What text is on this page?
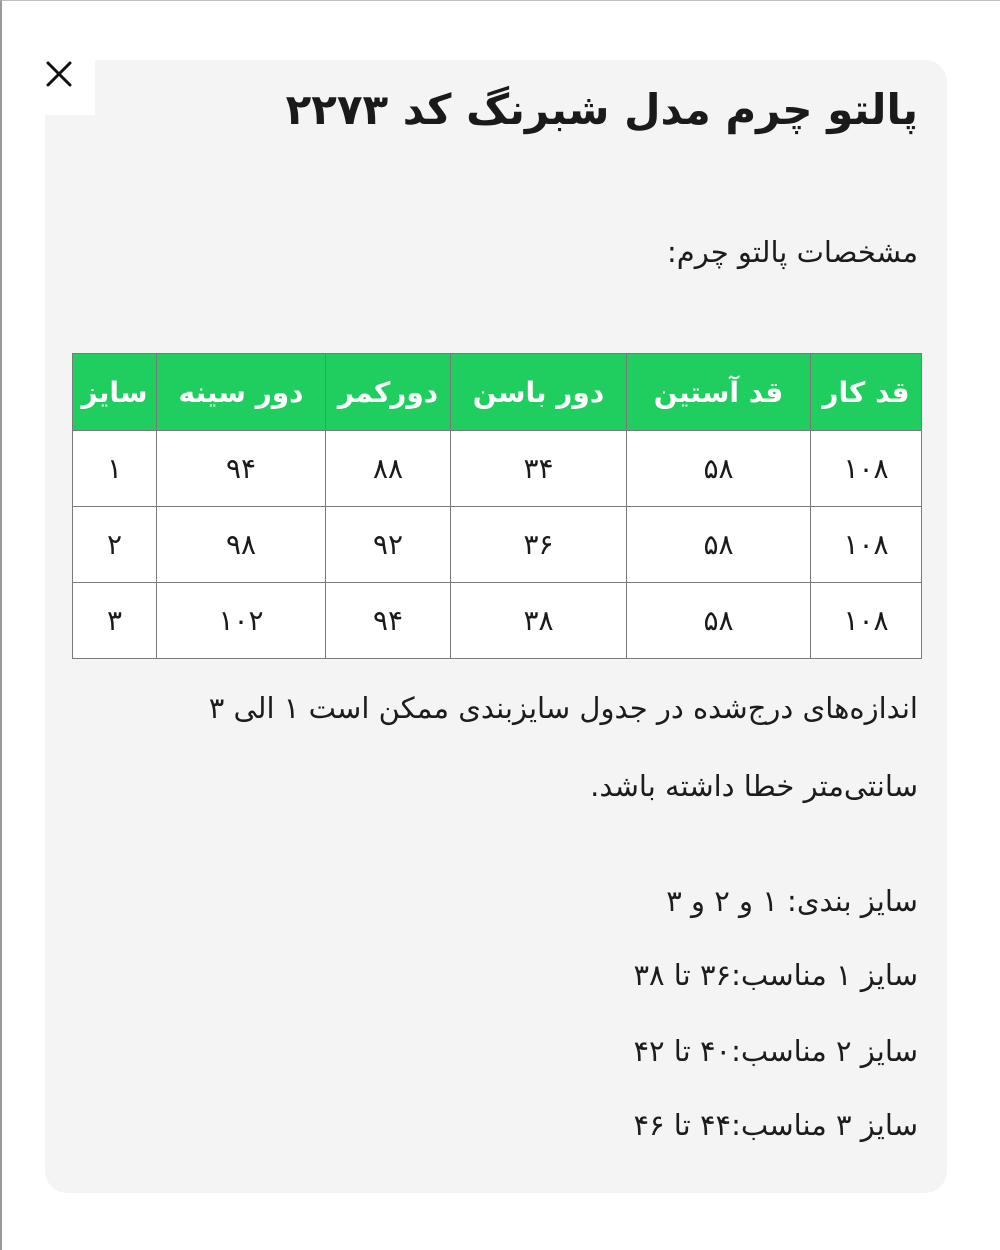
پالتو چرم مدل شبرنگ کد ۲۲۷۳

مشخصات پالتو چرم:

قد کار	قد آستین	دور باسن	دورکمر	دور سینه	سایز
۱۰۸	۵۸	۳۴	۸۸	۹۴	۱
۱۰۸	۵۸	۳۶	۹۲	۹۸	۲
۱۰۸	۵۸	۳۸	۹۴	۱۰۲	۳

اندازه‌های درج‌شده در جدول سایزبندی ممکن است ۱ الی ۳ سانتی‌متر خطا داشته باشد.

سایز بندی: ۱ و ۲ و ۳

سایز ۱ مناسب:۳۶ تا ۳۸

سایز ۲ مناسب:۴۰ تا ۴۲

سایز ۳ مناسب:۴۴ تا ۴۶
